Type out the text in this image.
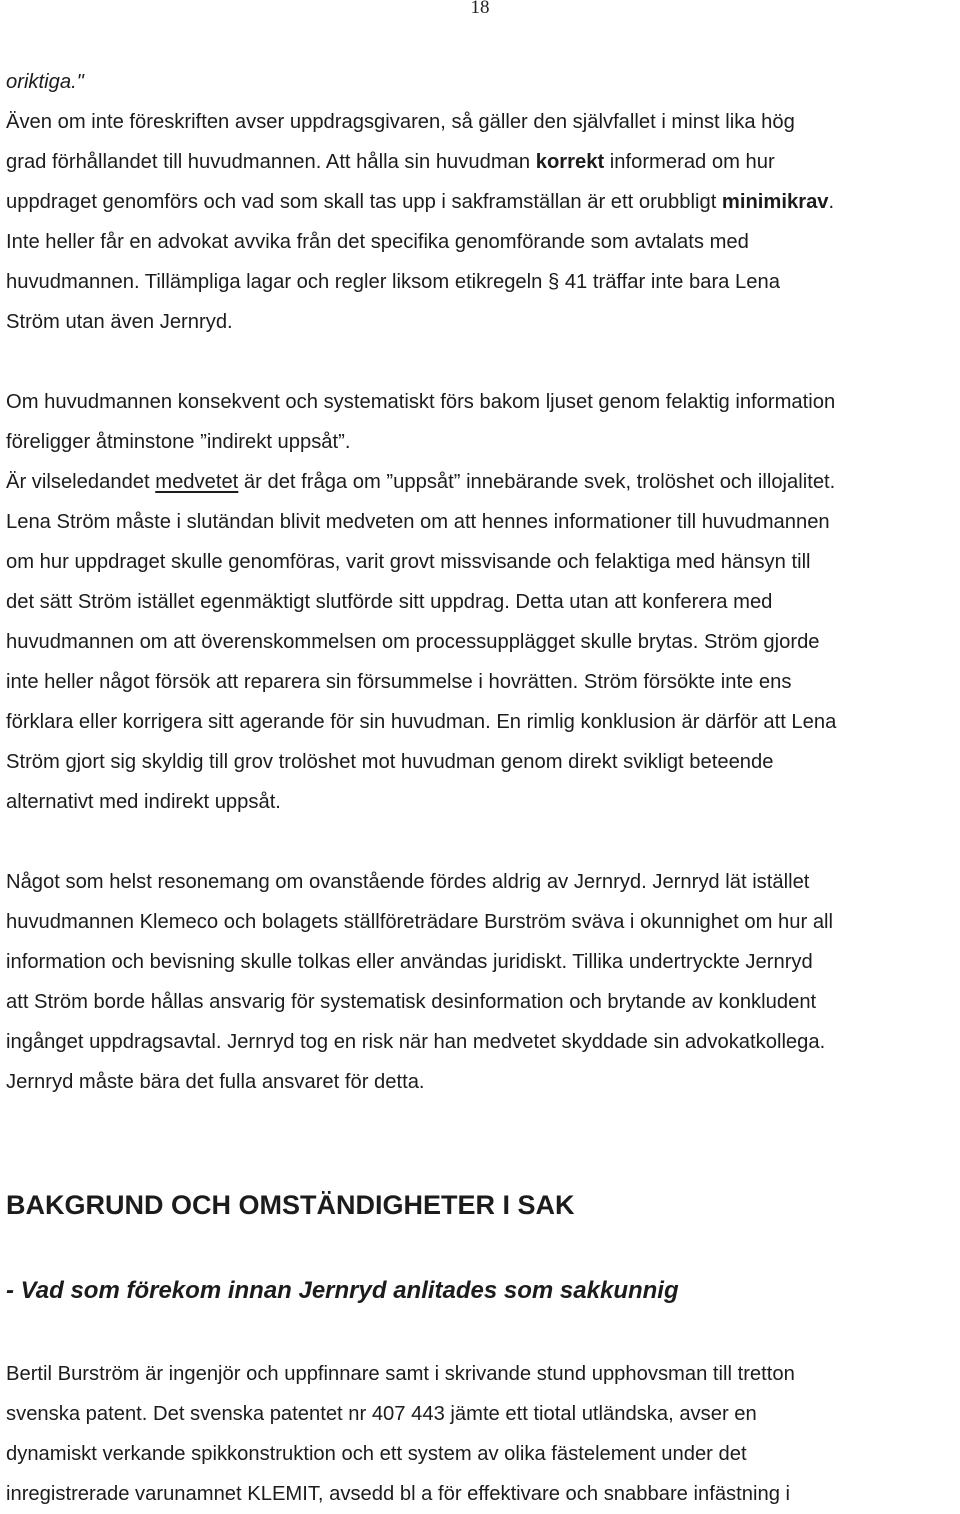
18
oriktiga."
Även om inte föreskriften avser uppdragsgivaren, så gäller den självfallet i minst lika hög
grad förhållandet till huvudmannen. Att hålla sin huvudman korrekt informerad om hur
uppdraget genomförs och vad som skall tas upp i sakframställan är ett orubbligt minimikrav.
Inte heller får en advokat avvika från det specifika genomförande som avtalats med
huvudmannen. Tillämpliga lagar och regler liksom etikregeln § 41 träffar inte bara Lena
Ström utan även Jernryd.
Om huvudmannen konsekvent och systematiskt förs bakom ljuset genom felaktig information
föreligger åtminstone ”indirekt uppsåt”.
Är vilseledandet medvetet är det fråga om ”uppsåt” innebärande svek, trolöshet och illojalitet.
Lena Ström måste i slutändan blivit medveten om att hennes informationer till huvudmannen
om hur uppdraget skulle genomföras, varit grovt missvisande och felaktiga med hänsyn till
det sätt Ström istället egenmäktigt slutförde sitt uppdrag. Detta utan att konferera med
huvudmannen om att överenskommelsen om processupplägget skulle brytas. Ström gjorde
inte heller något försök att reparera sin försummelse i hovrätten. Ström försökte inte ens
förklara eller korrigera sitt agerande för sin huvudman. En rimlig konklusion är därför att Lena
Ström gjort sig skyldig till grov trolöshet mot huvudman genom direkt svikligt beteende
alternativt med indirekt uppsåt.
Något som helst resonemang om ovanstående fördes aldrig av Jernryd. Jernryd lät istället
huvudmannen Klemeco och bolagets ställföreträdare Burström sväva i okunnighet om hur all
information och bevisning skulle tolkas eller användas juridiskt. Tillika undertryckte Jernryd
att Ström borde hållas ansvarig för systematisk desinformation och brytande av konkludent
ingånget uppdragsavtal. Jernryd tog en risk när han medvetet skyddade sin advokatkollega.
Jernryd måste bära det fulla ansvaret för detta.
BAKGRUND OCH OMSTÄNDIGHETER I SAK
- Vad som förekom innan Jernryd anlitades som sakkunnig
Bertil Burström är ingenjör och uppfinnare samt i skrivande stund upphovsman till tretton
svenska patent. Det svenska patentet nr 407 443 jämte ett tiotal utländska, avser en
dynamiskt verkande spikkonstruktion och ett system av olika fästelement under det
inregistrerade varunamnet KLEMIT, avsedd bl a för effektivare och snabbare infästning i
